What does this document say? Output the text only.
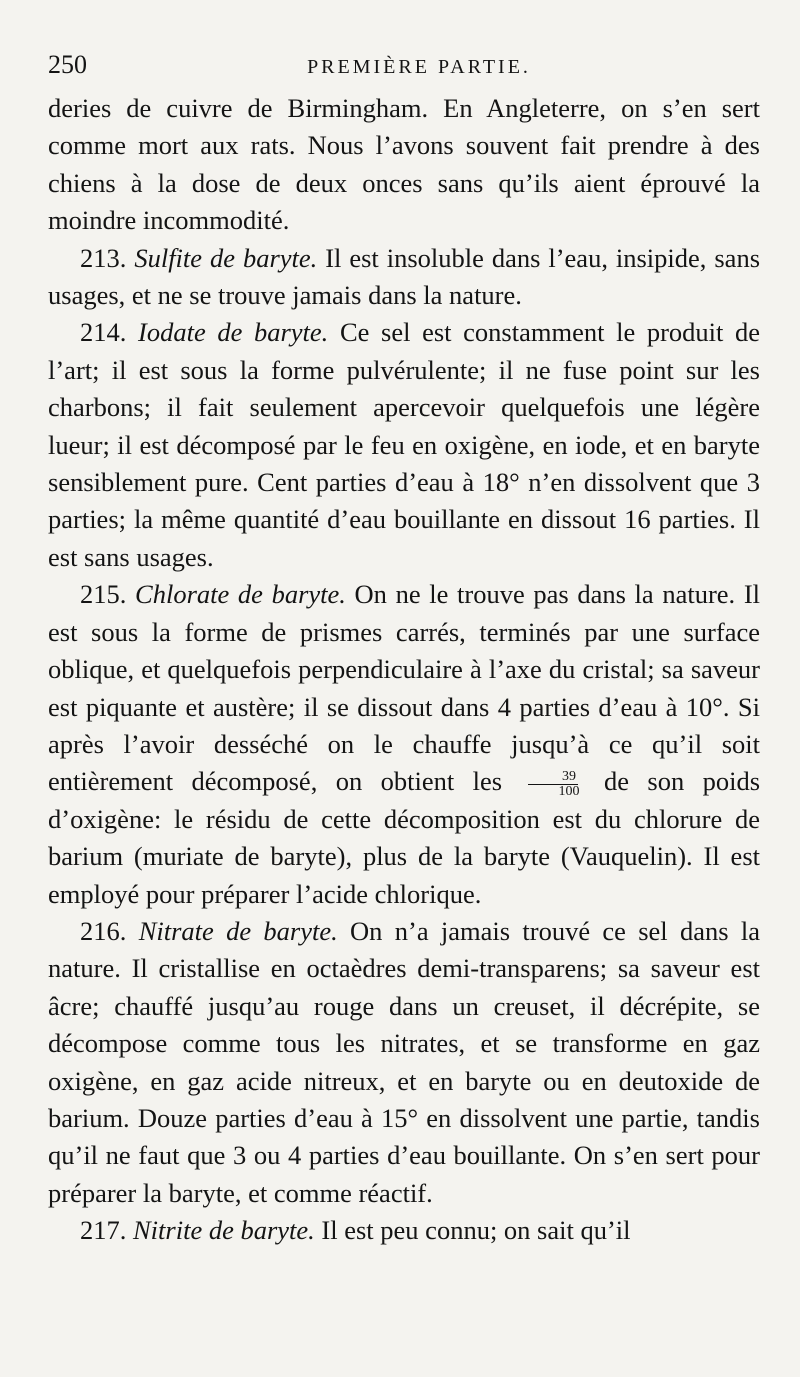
250	PREMIÈRE PARTIE.

deries de cuivre de Birmingham. En Angleterre, on s’en sert comme mort aux rats. Nous l’avons souvent fait prendre à des chiens à la dose de deux onces sans qu’ils aient éprouvé la moindre incommodité.

213. Sulfite de baryte. Il est insoluble dans l’eau, insipide, sans usages, et ne se trouve jamais dans la nature.

214. Iodate de baryte. Ce sel est constamment le produit de l’art; il est sous la forme pulvérulente; il ne fuse point sur les charbons; il fait seulement apercevoir quelquefois une légère lueur; il est décomposé par le feu en oxigène, en iode, et en baryte sensiblement pure. Cent parties d’eau à 18° n’en dissolvent que 3 parties; la même quantité d’eau bouillante en dissout 16 parties. Il est sans usages.

215. Chlorate de baryte. On ne le trouve pas dans la nature. Il est sous la forme de prismes carrés, terminés par une surface oblique, et quelquefois perpendiculaire à l’axe du cristal; sa saveur est piquante et austère; il se dissout dans 4 parties d’eau à 10°. Si après l’avoir desséché on le chauffe jusqu’à ce qu’il soit entièrement décomposé, on obtient les $\frac{39}{100}$ de son poids d’oxigène: le résidu de cette décomposition est du chlorure de barium (muriate de baryte), plus de la baryte (Vauquelin). Il est employé pour préparer l’acide chlorique.

216. Nitrate de baryte. On n’a jamais trouvé ce sel dans la nature. Il cristallise en octaèdres demi-transparens; sa saveur est âcre; chauffé jusqu’au rouge dans un creuset, il décrépite, se décompose comme tous les nitrates, et se transforme en gaz oxigène, en gaz acide nitreux, et en baryte ou en deutoxide de barium. Douze parties d’eau à 15° en dissolvent une partie, tandis qu’il ne faut que 3 ou 4 parties d’eau bouillante. On s’en sert pour préparer la baryte, et comme réactif.

217. Nitrite de baryte. Il est peu connu; on sait qu’il
